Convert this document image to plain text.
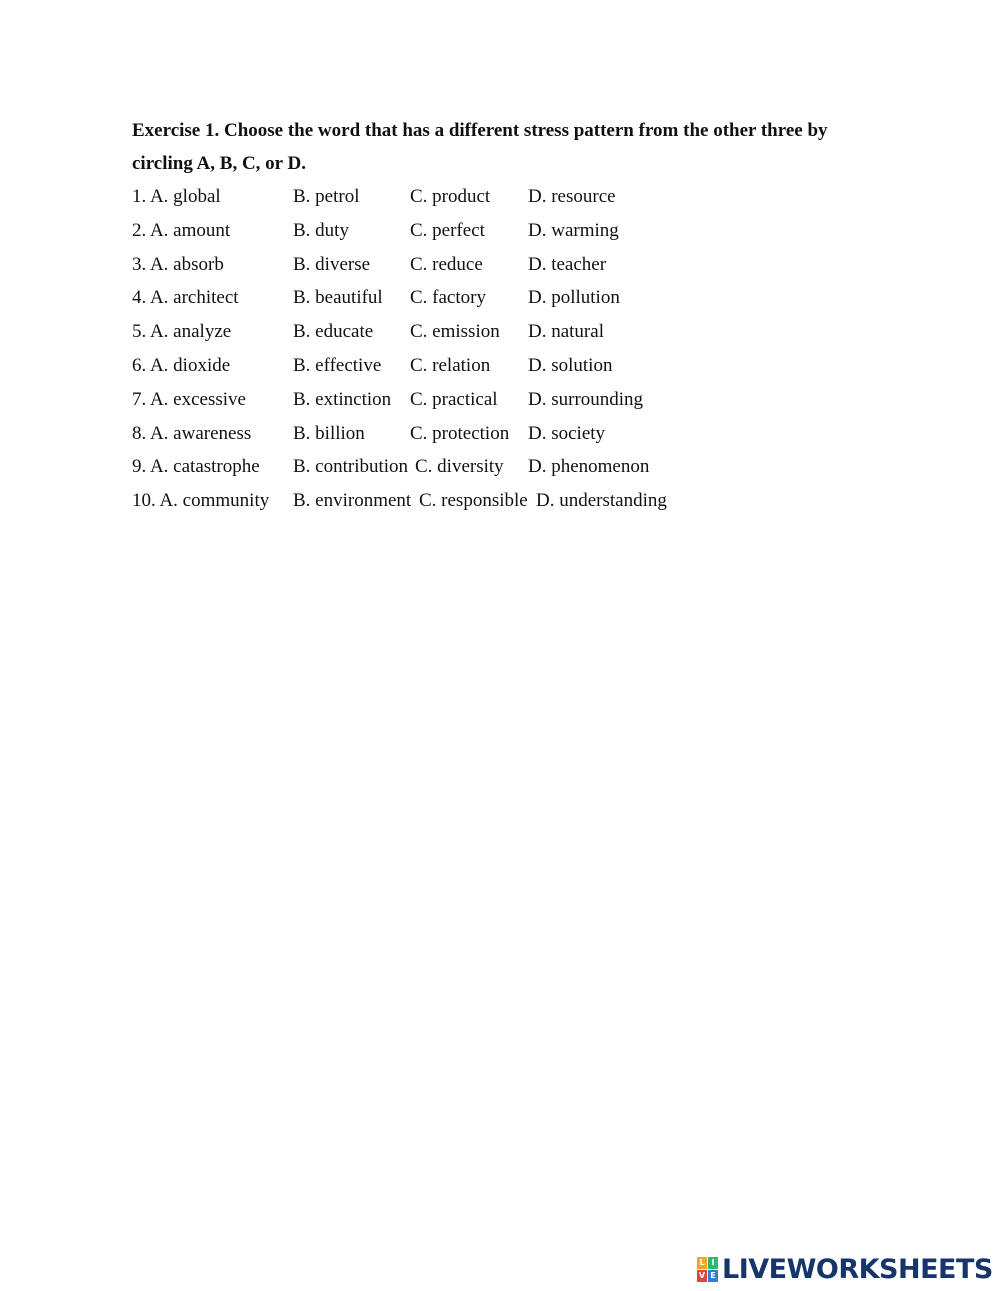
Exercise 1. Choose the word that has a different stress pattern from the other three by circling A, B, C, or D.

1. A. global	B. petrol	C. product D. resource
2. A. amount	B. duty	C. perfect D. warming
3. A. absorb	B. diverse C. reduce D. teacher
4. A. architect	B. beautiful C. factory D. pollution
5. A. analyze	B. educate C. emission D. natural
6. A. dioxide	B. effective C. relation D. solution
7. A. excessive B. extinction C. practical D. surrounding
8. A. awareness B. billion C. protection D. society
9. A. catastrophe B. contribution C. diversity D. phenomenon
10. A. community B. environment C. responsible D. understanding
L I
V E LIVEWORKSHEETS
